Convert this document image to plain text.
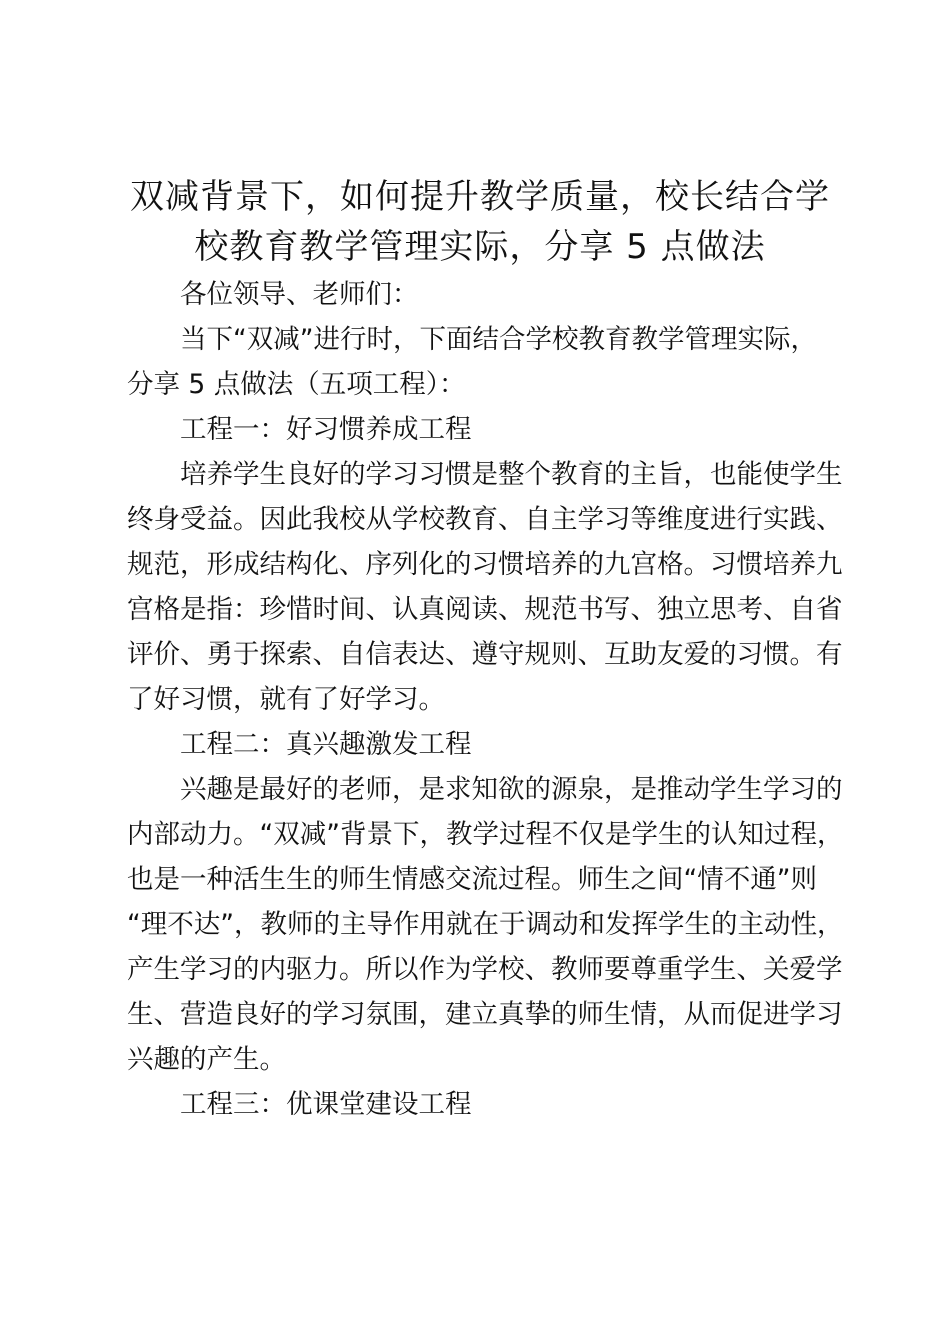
双减背景下，如何提升教学质量，校长结合学
校教育教学管理实际，分享 5 点做法

各位领导、老师们：

当下“双减”进行时，下面结合学校教育教学管理实际，

分享 5 点做法（五项工程）：

工程一：好习惯养成工程

培养学生良好的学习习惯是整个教育的主旨，也能使学生

终身受益。因此我校从学校教育、自主学习等维度进行实践、

规范，形成结构化、序列化的习惯培养的九宫格。习惯培养九

宫格是指：珍惜时间、认真阅读、规范书写、独立思考、自省

评价、勇于探索、自信表达、遵守规则、互助友爱的习惯。有

了好习惯，就有了好学习。

工程二：真兴趣激发工程

兴趣是最好的老师，是求知欲的源泉，是推动学生学习的

内部动力。“双减”背景下，教学过程不仅是学生的认知过程，

也是一种活生生的师生情感交流过程。师生之间“情不通”则

“理不达”，教师的主导作用就在于调动和发挥学生的主动性，

产生学习的内驱力。所以作为学校、教师要尊重学生、关爱学

生、营造良好的学习氛围，建立真挚的师生情，从而促进学习

兴趣的产生。

工程三：优课堂建设工程
